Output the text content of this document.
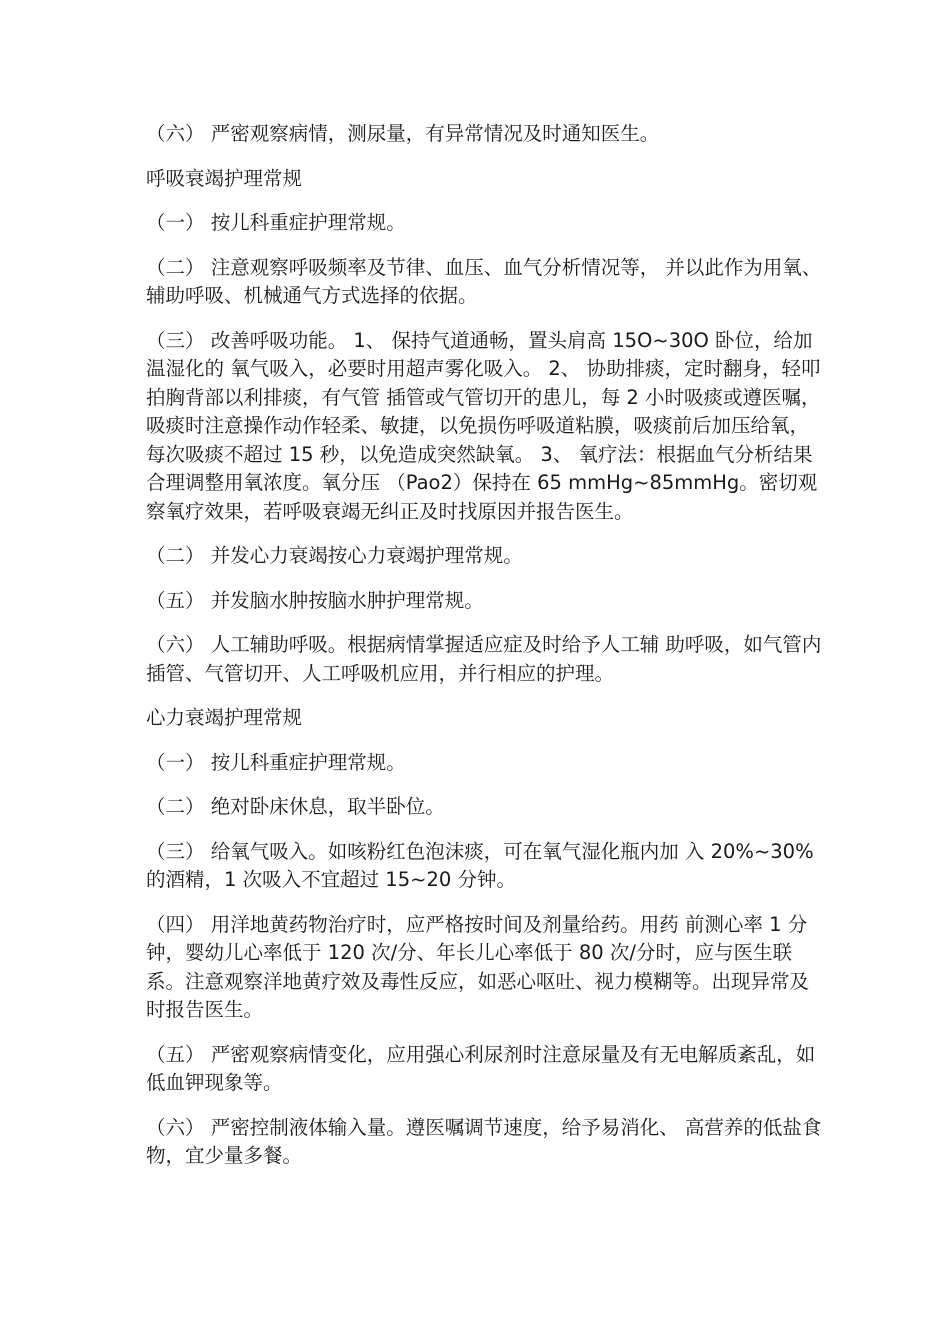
（六） 严密观察病情，测尿量，有异常情况及时通知医生。

呼吸衰竭护理常规

（一） 按儿科重症护理常规。

（二） 注意观察呼吸频率及节律、血压、血气分析情况等， 并以此作为用氧、辅助呼吸、机械通气方式选择的依据。

（三） 改善呼吸功能。 1、 保持气道通畅，置头肩高 15O~30O 卧位，给加温湿化的 氧气吸入，必要时用超声雾化吸入。 2、 协助排痰，定时翻身，轻叩拍胸背部以利排痰，有气管 插管或气管切开的患儿，每 2 小时吸痰或遵医嘱，吸痰时注意操作动作轻柔、敏捷，以免损伤呼吸道粘膜，吸痰前后加压给氧，每次吸痰不超过 15 秒，以免造成突然缺氧。 3、 氧疗法：根据血气分析结果合理调整用氧浓度。氧分压 （Pao2）保持在 65 mmHg~85mmHg。密切观察氧疗效果，若呼吸衰竭无纠正及时找原因并报告医生。

（二） 并发心力衰竭按心力衰竭护理常规。

（五） 并发脑水肿按脑水肿护理常规。

（六） 人工辅助呼吸。根据病情掌握适应症及时给予人工辅 助呼吸，如气管内插管、气管切开、人工呼吸机应用，并行相应的护理。

心力衰竭护理常规

（一） 按儿科重症护理常规。

（二） 绝对卧床休息，取半卧位。

（三） 给氧气吸入。如咳粉红色泡沫痰，可在氧气湿化瓶内加 入 20%~30%的酒精，1 次吸入不宜超过 15~20 分钟。

（四） 用洋地黄药物治疗时，应严格按时间及剂量给药。用药 前测心率 1 分钟，婴幼儿心率低于 120 次/分、年长儿心率低于 80 次/分时，应与医生联系。注意观察洋地黄疗效及毒性反应，如恶心呕吐、视力模糊等。出现异常及时报告医生。

（五） 严密观察病情变化，应用强心利尿剂时注意尿量及有无电解质紊乱，如低血钾现象等。

（六） 严密控制液体输入量。遵医嘱调节速度，给予易消化、 高营养的低盐食物，宜少量多餐。
